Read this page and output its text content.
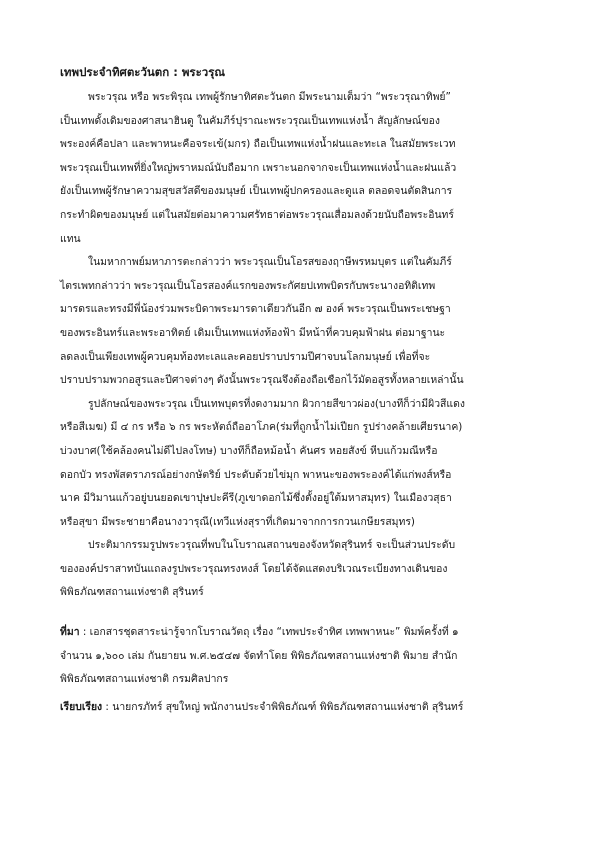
เทพประจำทิศตะวันตก : พระวรุณ

พระวรุณ หรือ พระพิรุณ เทพผู้รักษาทิศตะวันตก มีพระนามเต็มว่า “พระวรุณาทิพย์”
เป็นเทพดั้งเดิมของศาสนาฮินดู ในคัมภีร์ปุราณะพระวรุณเป็นเทพแห่งน้ำ สัญลักษณ์ของ
พระองค์คือปลา และพาหนะคือจระเข้(มกร) ถือเป็นเทพแห่งน้ำฝนและทะเล ในสมัยพระเวท
พระวรุณเป็นเทพที่ยิ่งใหญ่พราหมณ์นับถือมาก เพราะนอกจากจะเป็นเทพแห่งน้ำและฝนแล้ว
ยังเป็นเทพผู้รักษาความสุขสวัสดีของมนุษย์ เป็นเทพผู้ปกครองและดูแล ตลอดจนตัดสินการ
กระทำผิดของมนุษย์ แต่ในสมัยต่อมาความศรัทธาต่อพระวรุณเสื่อมลงด้วยนับถือพระอินทร์
แทน

ในมหากาพย์มหาภารตะกล่าวว่า พระวรุณเป็นโอรสของฤาษีพรหมบุตร แต่ในคัมภีร์
ไตรเพทกล่าวว่า พระวรุณเป็นโอรสองค์แรกของพระกัศยปเทพบิดรกับพระนางอทิติเทพ
มารดรและทรงมีพี่น้องร่วมพระบิดาพระมารดาเดียวกันอีก ๗ องค์ พระวรุณเป็นพระเชษฐา
ของพระอินทร์และพระอาทิตย์ เดิมเป็นเทพแห่งท้องฟ้า มีหน้าที่ควบคุมฟ้าฝน ต่อมาฐานะ
ลดลงเป็นเพียงเทพผู้ควบคุมท้องทะเลและคอยปราบปรามปีศาจบนโลกมนุษย์ เพื่อที่จะ
ปราบปรามพวกอสูรและปีศาจต่างๆ ดังนั้นพระวรุณจึงต้องถือเชือกไว้มัดอสูรทั้งหลายเหล่านั้น

รูปลักษณ์ของพระวรุณ เป็นเทพบุตรที่งดงามมาก ผิวกายสีขาวผ่อง(บางทีก็ว่ามีผิวสีแดง
หรือสีเมฆ) มี ๔ กร หรือ ๖ กร พระหัตถ์ถืออาโภค(ร่มที่ถูกน้ำไม่เปียก รูปร่างคล้ายเศียรนาค)
บ่วงบาศ(ใช้คล้องคนไม่ดีไปลงโทษ) บางทีก็ถือหม้อน้ำ คันศร หอยสังข์ หีบแก้วมณีหรือ
ดอกบัว ทรงพัสตราภรณ์อย่างกษัตริย์ ประดับด้วยไข่มุก พาหนะของพระองค์ได้แก่พงส์หรือ
นาค มีวิมานแก้วอยู่บนยอดเขาปุษปะคีรี(ภูเขาดอกไม้ซึ่งตั้งอยู่ใต้มหาสมุทร) ในเมืองวสุธา
หรือสุขา มีพระชายาคือนางวารุณี(เทวีแห่งสุราที่เกิดมาจากการกวนเกษียรสมุทร)

ประติมากรรมรูปพระวรุณที่พบในโบราณสถานของจังหวัดสุรินทร์ จะเป็นส่วนประดับ
ขององค์ปราสาทบันแถลงรูปพระวรุณทรงหงส์ โดยได้จัดแสดงบริเวณระเบียงทางเดินของ
พิพิธภัณฑสถานแห่งชาติ สุรินทร์

ที่มา : เอกสารชุดสาระน่ารู้จากโบราณวัตถุ เรื่อง “เทพประจำทิศ เทพพาหนะ” พิมพ์ครั้งที่ ๑
จำนวน ๑,๖๐๐ เล่ม กันยายน พ.ศ.๒๕๔๗ จัดทำโดย พิพิธภัณฑสถานแห่งชาติ พิมาย สำนัก
พิพิธภัณฑสถานแห่งชาติ กรมศิลปากร
เรียบเรียง : นายกรภัทร์ สุขใหญ่ พนักงานประจำพิพิธภัณฑ์ พิพิธภัณฑสถานแห่งชาติ สุรินทร์
